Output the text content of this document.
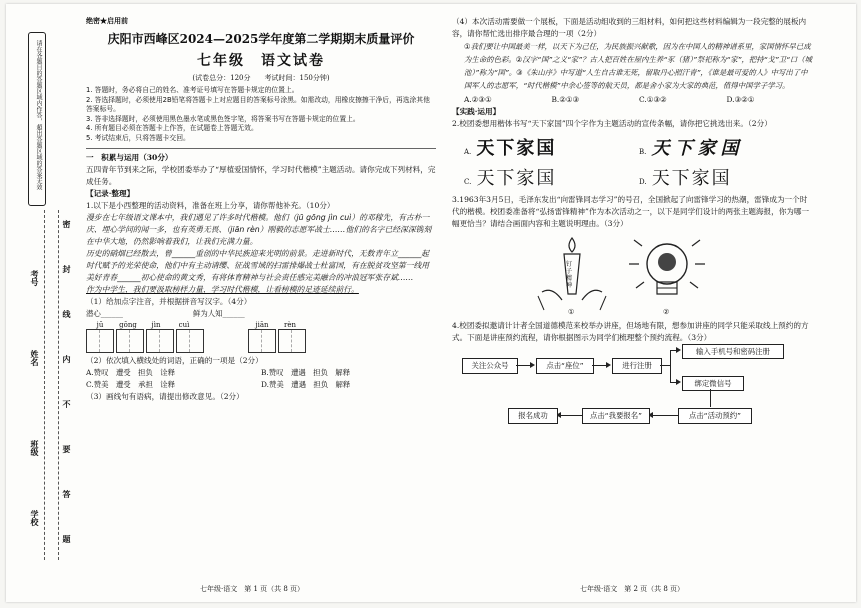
请在各题目的答题区域内作答，超出答题区域的答案无效
学校
班级
姓名
考号
密
封
线
内
不
要
答
题
绝密★启用前
庆阳市西峰区2024—2025学年度第二学期期末质量评价
七年级　语文试卷
(试卷总分：120分　　考试时间：150分钟)
1. 答题时，务必将自己的姓名、准考证号填写在答题卡规定的位置上。
2. 答选择题时，必须使用2B铅笔将答题卡上对应题目的答案标号涂黑。如需改动，用橡皮擦擦干净后，再选涂其他答案标号。
3. 答非选择题时，必须使用黑色墨水笔或黑色签字笔，将答案书写在答题卡规定的位置上。
4. 所有题目必须在答题卡上作答，在试题卷上答题无效。
5. 考试结束后，只将答题卡交回。
一　积累与运用（30分）
五四青年节到来之际，学校团委举办了“厚植爱国情怀，学习时代楷模”主题活动。请你完成下列材料，完成任务。
【记录·整理】
1.以下是小西整理的活动资料，准备在班上分享，请你帮他补充。（10分）
漫步在七年级语文课本中，我们遇见了许多时代楷模。他们（jū gōng jìn cuì）的邓稼先，有古朴一庆、埋心学问的闻一多，也有英勇无畏、（jiān rèn）刚毅的志愿军战士……他们的名字已经深深镌刻在中华大地，仍然影响着我们，让我们充满力量。
历史的硝烟已经散去，曾______重创的中华民族迎来光明的前景。走进新时代，无数青年立______起时代赋予的光荣使命，他们中有主动请缨、征战雪域的扫雷排爆战士杜富国，有在脱贫攻坚第一线用美好青春______初心使命的黄文秀，有将体育精神与社会责任感完美融合的冲浪冠军张存斌……
作为中学生，我们要汲取榜样力量，学习时代楷模，让看榜模的足迹延续前行。
（1）给加点字注音，并根据拼音写汉字。（4分）
潜心______	鲜为人知______
jū	gōng	jìn	cuì	jiān	rèn
（2）依次填入横线处的词语，正确的一项是（2分）
A.赞叹　遭受　担负　诠释	B.赞叹　遭遇　担负　解释
C.赞美　遭受　承担　诠释	D.赞美　遭遇　担负　解释
（3）画线句有语病，请提出修改意见。（2分）
（4）本次活动需要做一个展板，下面是活动组收到的三组材料，如何把这些材料编辑为一段完整的展板内容，请你帮忙选出排序最合理的一项（2分）
①我们要让中国最美一样，以天下为己任，为民族振兴献歌，因为在中国人的精神谱系里，家国情怀早已成为生命的色彩。②汉字“国”之义“家”？古人把百姓在屋内生养“豕（猪）”祭祀称为“家”，把持“戈”卫“口（城池）”称为“国”。③《朱山序》中写道“人生自古谁无死，留取丹心照汗青”，《谁是最可爱的人》中写出了中国军人的志愿军，“时代楷模”中余心签等的航天员，都是舍小家为大家的典范，值得中国学子学习。
A.②③①	B.②①③	C.①③②	D.③②①
【实践·运用】
2.校团委想用楷体书写“天下家国”四个字作为主题活动的宣传条幅，请你把它挑选出来。（2分）
A. 天下家国	B. 天下家国
C. 天下家国	D. 天下家国
3.1963年3月5日，毛泽东发出“向雷锋同志学习”的号召，全国掀起了向雷锋学习的热潮，雷锋成为一个时代的楷模。校团委准备将“弘扬雷锋精神”作为本次活动之一，以下是同学们设计的两张主题海报，你为哪一幅更恰当？请结合画面内容和主题说明理由。（3分）
钉子精神
①	②
4.校团委拟邀请计计者全国道德模范来校举办讲座，但场地有限，想参加讲座的同学只能采取线上预约的方式。下面是讲座预约流程，请你根据图示为同学们梳理整个预约流程。（3分）
关注公众号	点击“座位”	进行注册
输入手机号和密码注册
绑定微信号
点击“活动预约”
点击“我要报名”
报名成功
七年级·语文　第 1 页（共 8 页）	七年级·语文　第 2 页（共 8 页）
